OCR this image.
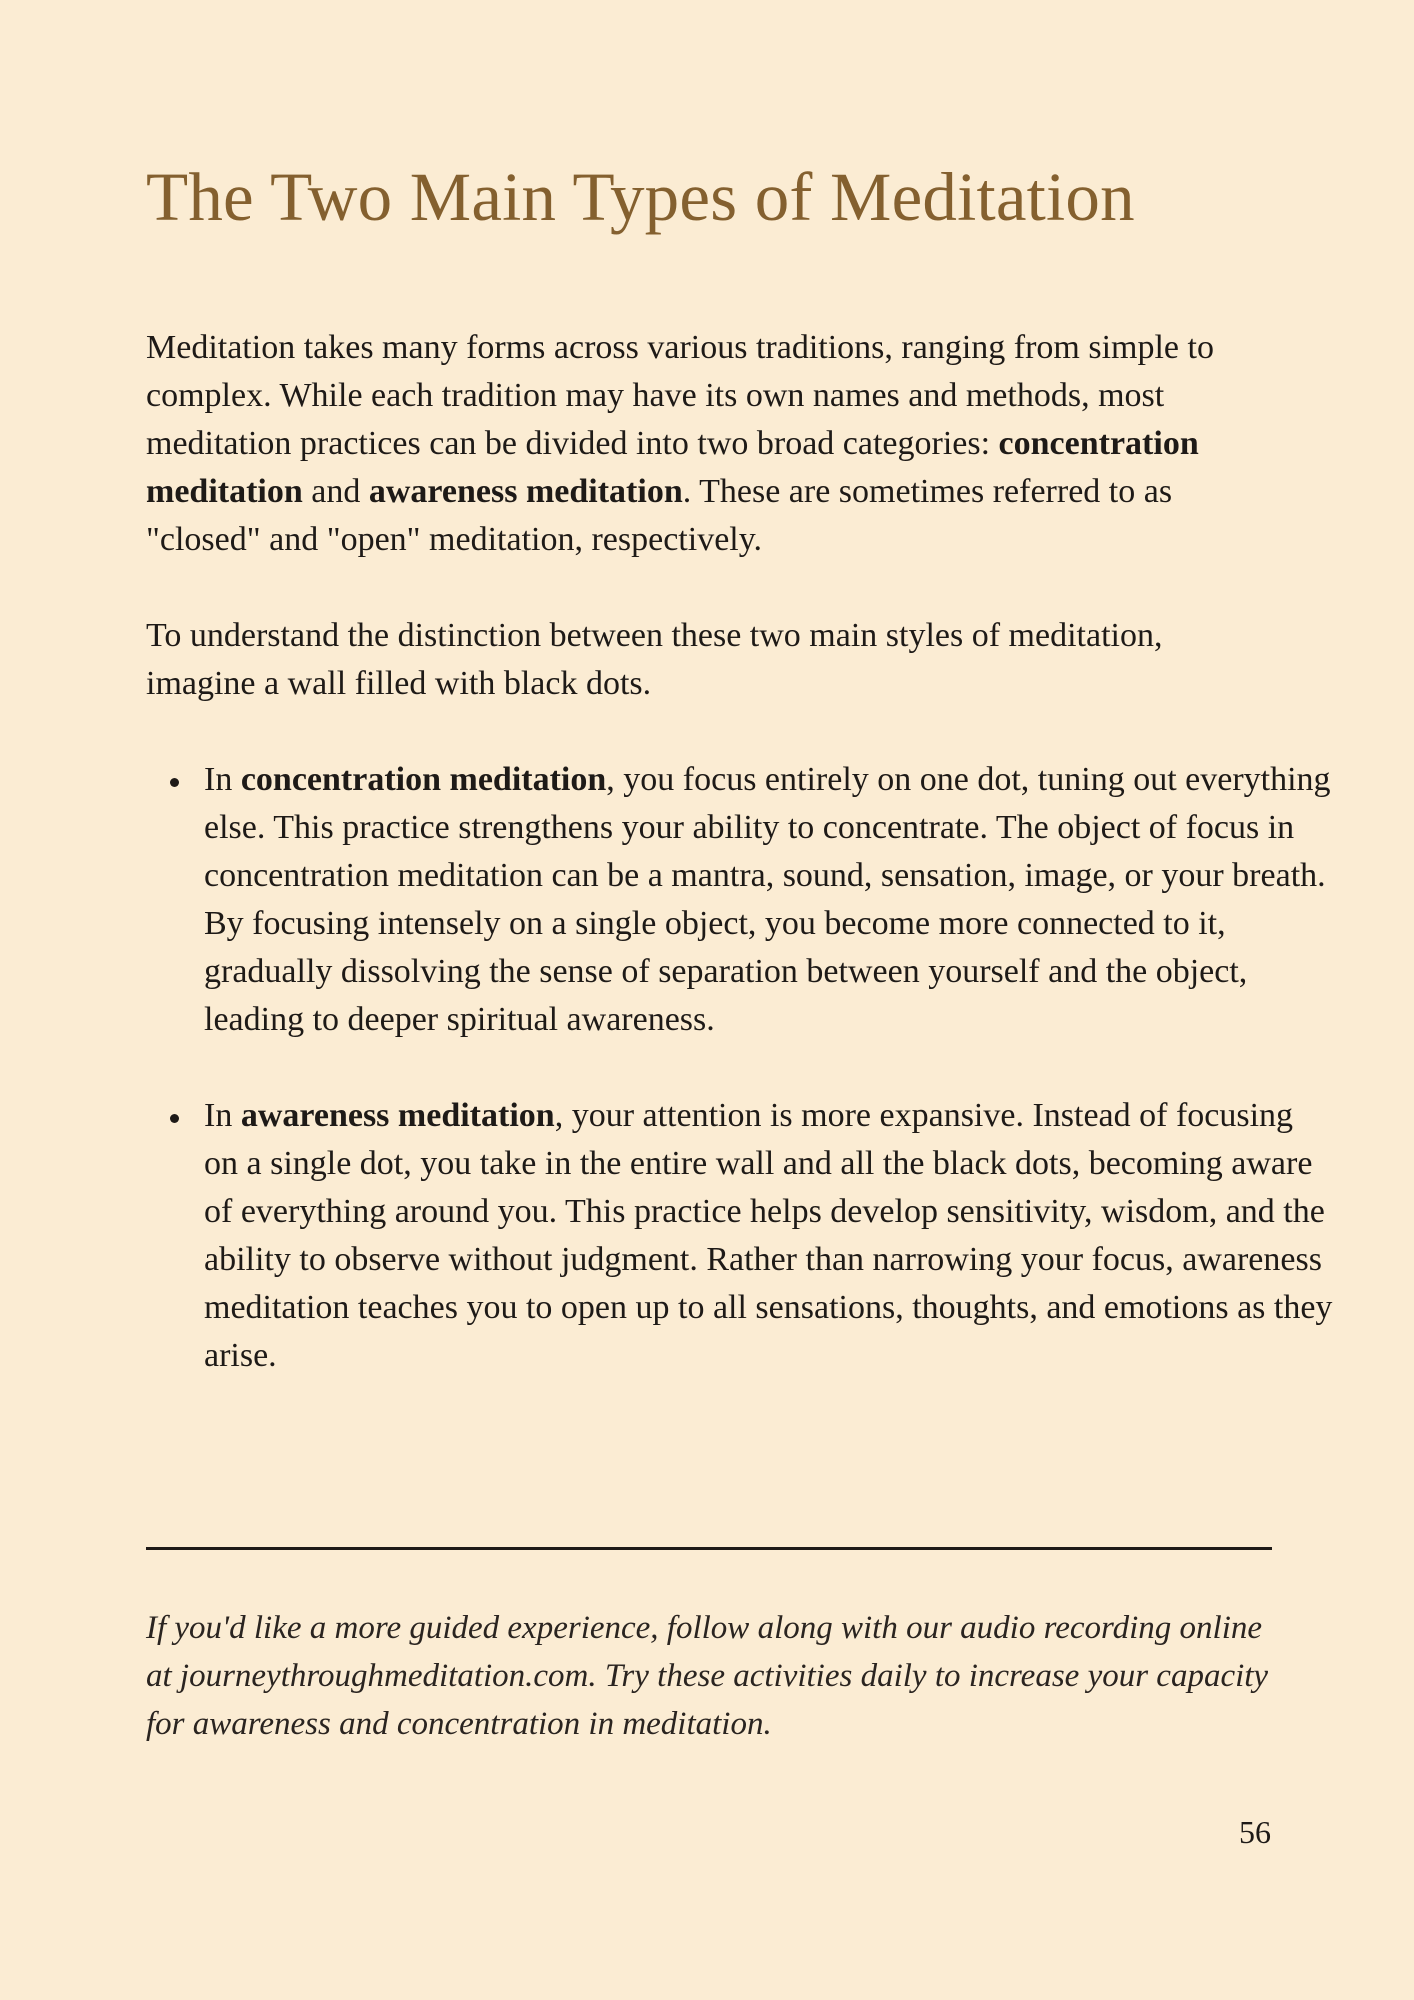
The Two Main Types of Meditation

Meditation takes many forms across various traditions, ranging from simple to complex. While each tradition may have its own names and methods, most meditation practices can be divided into two broad categories: concentration meditation and awareness meditation. These are sometimes referred to as "closed" and "open" meditation, respectively.

To understand the distinction between these two main styles of meditation, imagine a wall filled with black dots.

In concentration meditation, you focus entirely on one dot, tuning out everything else. This practice strengthens your ability to concentrate. The object of focus in concentration meditation can be a mantra, sound, sensation, image, or your breath. By focusing intensely on a single object, you become more connected to it, gradually dissolving the sense of separation between yourself and the object, leading to deeper spiritual awareness.
In awareness meditation, your attention is more expansive. Instead of focusing on a single dot, you take in the entire wall and all the black dots, becoming aware of everything around you. This practice helps develop sensitivity, wisdom, and the ability to observe without judgment. Rather than narrowing your focus, awareness meditation teaches you to open up to all sensations, thoughts, and emotions as they arise.
If you'd like a more guided experience, follow along with our audio recording online at journeythroughmeditation.com. Try these activities daily to increase your capacity for awareness and concentration in meditation.
56
